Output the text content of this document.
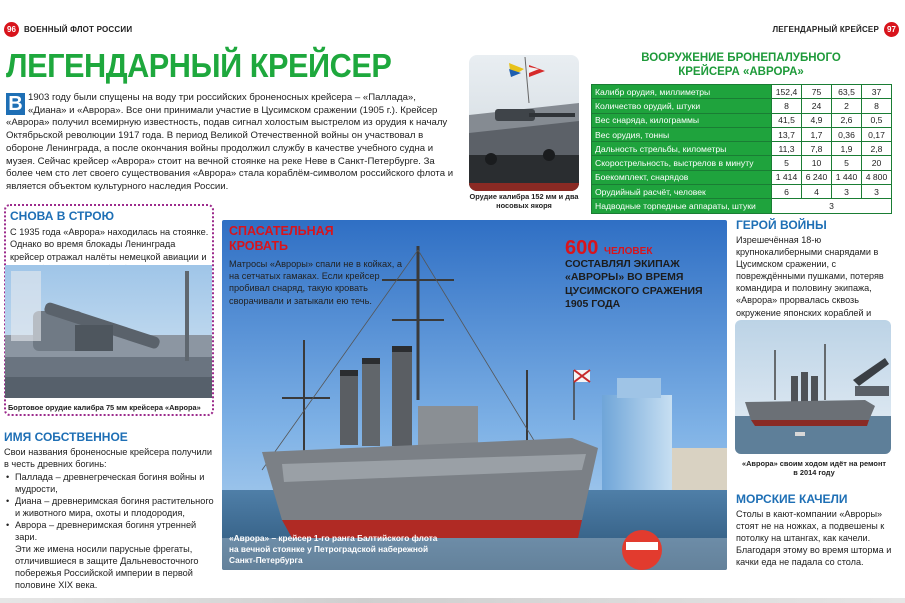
96	ВОЕННЫЙ ФЛОТ РОССИИ	ЛЕГЕНДАРНЫЙ КРЕЙСЕР	97
ЛЕГЕНДАРНЫЙ КРЕЙСЕР
В 1903 году были спущены на воду три российских броненосных крейсера – «Паллада», «Диана» и «Аврора». Все они принимали участие в Цусимском сражении (1905 г.). Крейсер «Аврора» получил всемирную известность, подав сигнал холостым выстрелом из орудия к началу Октябрьской революции 1917 года. В период Великой Отечественной войны он участвовал в обороне Ленинграда, а после окончания войны продолжил службу в качестве учебного судна и музея. Сейчас крейсер «Аврора» стоит на вечной стоянке на реке Неве в Санкт-Петербурге. За более чем сто лет своего существования «Аврора» стала кораблём-символом российского флота и является объектом культурного наследия России.
Орудие калибра 152 мм и два носовых якоря
ВООРУЖЕНИЕ БРОНЕПАЛУБНОГО
КРЕЙСЕРА «АВРОРА»
Калибр орудия, миллиметры	152,4	75	63,5	37
Количество орудий, штуки	8	24	2	8
Вес снаряда, килограммы	41,5	4,9	2,6	0,5
Вес орудия, тонны	13,7	1,7	0,36	0,17
Дальность стрельбы, километры	11,3	7,8	1,9	2,8
Скорострельность, выстрелов в минуту	5	10	5	20
Боекомплект, снарядов	1 414	6 240	1 440	4 800
Орудийный расчёт, человек	6	4	3	3
Надводные торпедные аппараты, штуки	3			
СНОВА В СТРОЮ
С 1935 года «Аврора» находилась на стоянке. Однако во время блокады Ленинграда крейсер отражал налёты немецкой авиации и
Бортовое орудие калибра 75 мм крейсера «Аврора»
ИМЯ СОБСТВЕННОЕ
Свои названия броненосные крейсера получили в честь древних богинь:
• Паллада – древнегреческая богиня войны и мудрости,
• Диана – древнеримская богиня растительного и животного мира, охоты и плодородия,
• Аврора – древнеримская богиня утренней зари.
Эти же имена носили парусные фрегаты, отличившиеся в защите Дальневосточного побережья Российской империи в первой половине XIX века.
СПАСАТЕЛЬНАЯ
КРОВАТЬ
Матросы «Авроры» спали не в койках, а на сетчатых гамаках. Если крейсер пробивал снаряд, такую кровать сворачивали и затыкали ею течь.
600 ЧЕЛОВЕК
СОСТАВЛЯЛ ЭКИПАЖ «АВРОРЫ» ВО ВРЕМЯ ЦУСИМСКОГО СРАЖЕНИЯ 1905 ГОДА
«Аврора» – крейсер 1-го ранга Балтийского флота на вечной стоянке у Петроградской набережной Санкт-Петербурга
ГЕРОЙ ВОЙНЫ
Изрешечённая 18-ю крупнокалиберными снарядами в Цусимском сражении, с повреждёнными пушками, потеряв командира и половину экипажа, «Аврора» прорвалась сквозь окружение японских кораблей и
«Аврора» своим ходом идёт на ремонт в 2014 году
МОРСКИЕ КАЧЕЛИ
Столы в кают-компании «Авроры» стоят не на ножках, а подвешены к потолку на штангах, как качели. Благодаря этому во время шторма и качки еда не падала со стола.
